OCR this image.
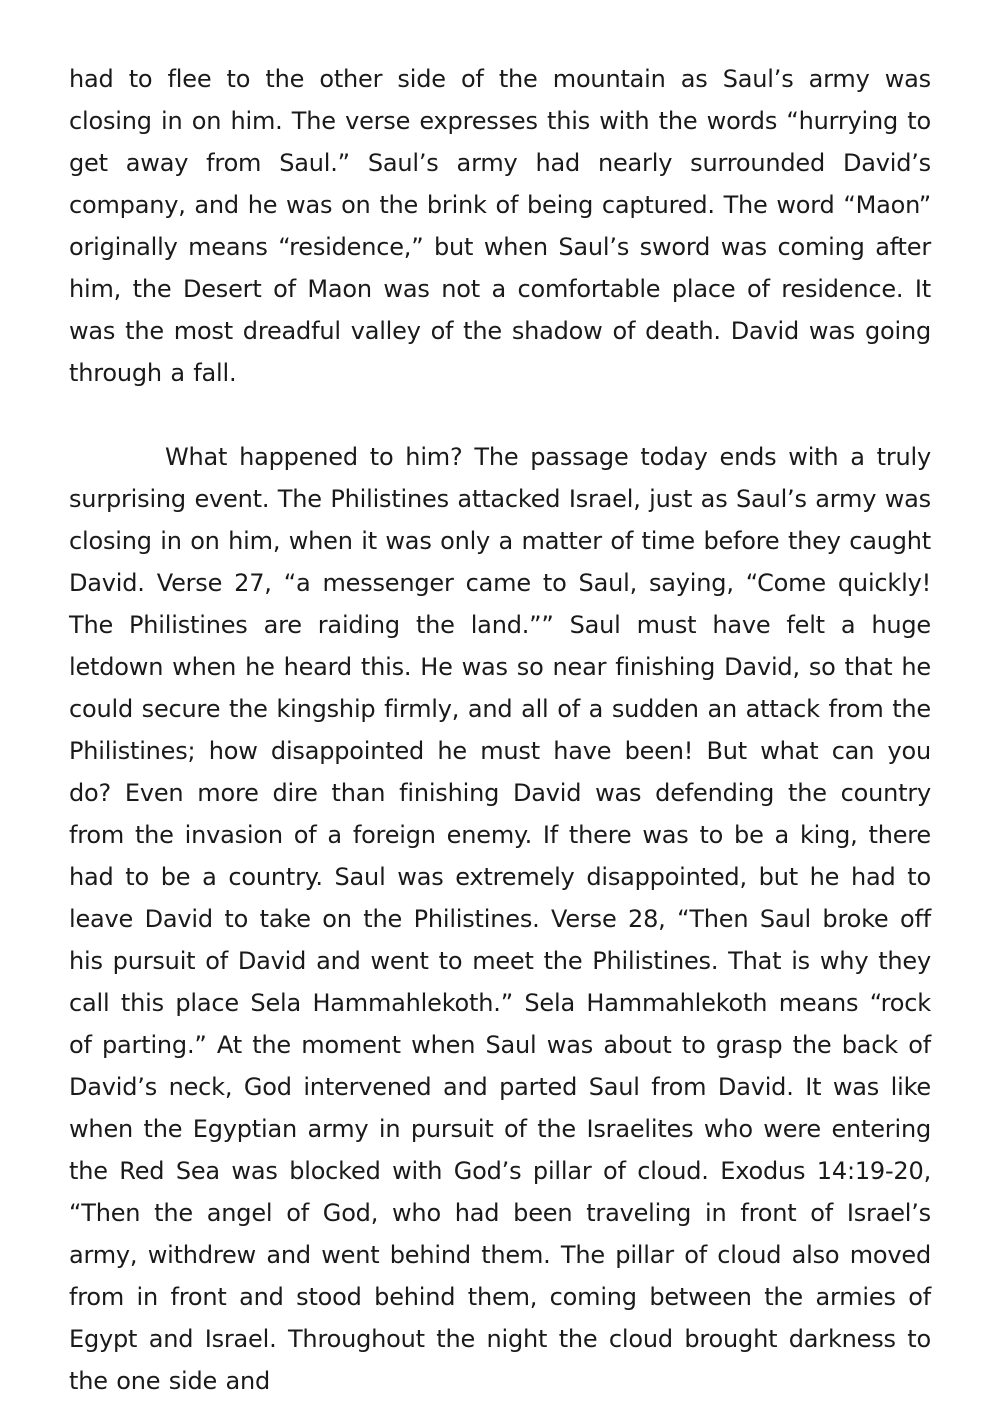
had to flee to the other side of the mountain as Saul’s army was closing in on him. The verse expresses this with the words “hurrying to get away from Saul.” Saul’s army had nearly surrounded David’s company, and he was on the brink of being captured. The word “Maon” originally means “residence,” but when Saul’s sword was coming after him, the Desert of Maon was not a comfortable place of residence. It was the most dreadful valley of the shadow of death. David was going through a fall.

What happened to him? The passage today ends with a truly surprising event. The Philistines attacked Israel, just as Saul’s army was closing in on him, when it was only a matter of time before they caught David. Verse 27, “a messenger came to Saul, saying, “Come quickly! The Philistines are raiding the land.”” Saul must have felt a huge letdown when he heard this. He was so near finishing David, so that he could secure the kingship firmly, and all of a sudden an attack from the Philistines; how disappointed he must have been! But what can you do? Even more dire than finishing David was defending the country from the invasion of a foreign enemy. If there was to be a king, there had to be a country. Saul was extremely disappointed, but he had to leave David to take on the Philistines. Verse 28, “Then Saul broke off his pursuit of David and went to meet the Philistines. That is why they call this place Sela Hammahlekoth.” Sela Hammahlekoth means “rock of parting.” At the moment when Saul was about to grasp the back of David’s neck, God intervened and parted Saul from David. It was like when the Egyptian army in pursuit of the Israelites who were entering the Red Sea was blocked with God’s pillar of cloud. Exodus 14:19-20, “Then the angel of God, who had been traveling in front of Israel’s army, withdrew and went behind them. The pillar of cloud also moved from in front and stood behind them, coming between the armies of Egypt and Israel. Throughout the night the cloud brought darkness to the one side and
